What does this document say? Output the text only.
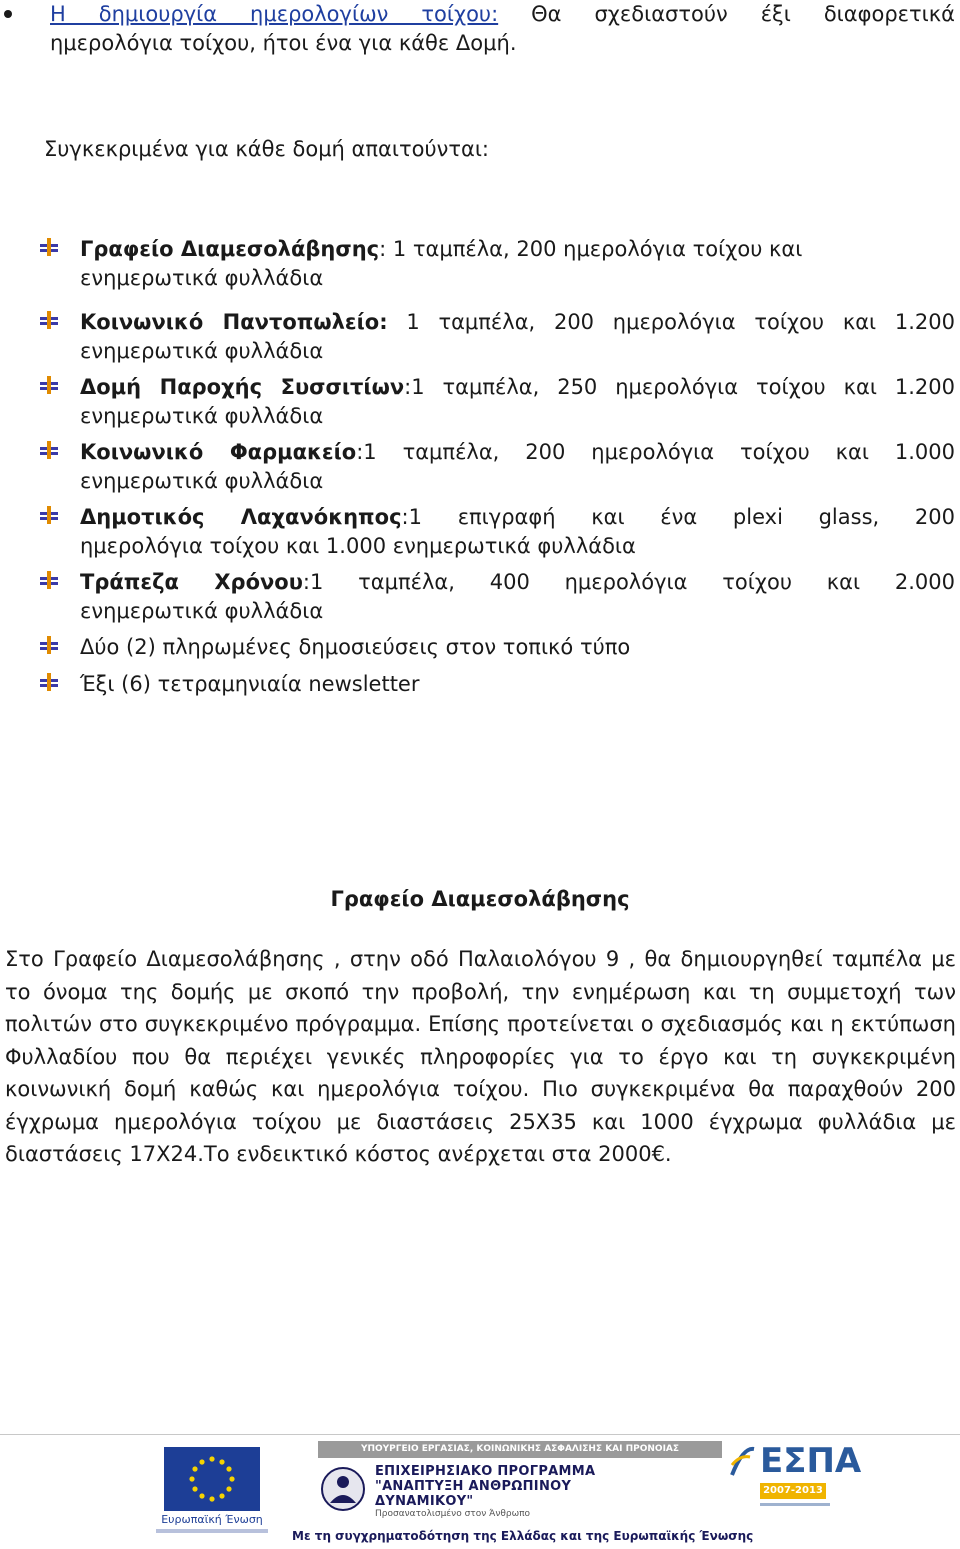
Η δημιουργία ημερολογίων τοίχου: Θα σχεδιαστούν έξι διαφορετικά
ημερολόγια τοίχου, ήτοι ένα για κάθε Δομή.
Συγκεκριμένα για κάθε δομή απαιτούνται:
Γραφείο Διαμεσολάβησης: 1 ταμπέλα, 200 ημερολόγια τοίχου και
ενημερωτικά φυλλάδια
Κοινωνικό Παντοπωλείο: 1 ταμπέλα, 200 ημερολόγια τοίχου και 1.200
ενημερωτικά φυλλάδια
Δομή Παροχής Συσσιτίων:1 ταμπέλα, 250 ημερολόγια τοίχου και 1.200
ενημερωτικά φυλλάδια
Κοινωνικό Φαρμακείο:1 ταμπέλα, 200 ημερολόγια τοίχου και 1.000
ενημερωτικά φυλλάδια
Δημοτικός Λαχανόκηπος:1 επιγραφή και ένα plexi glass, 200
ημερολόγια τοίχου και 1.000 ενημερωτικά φυλλάδια
Τράπεζα Χρόνου:1 ταμπέλα, 400 ημερολόγια τοίχου και 2.000
ενημερωτικά φυλλάδια
Δύο (2) πληρωμένες δημοσιεύσεις στον τοπικό τύπο
Έξι (6) τετραμηνιαία newsletter
Γραφείο Διαμεσολάβησης
Στο Γραφείο Διαμεσολάβησης , στην οδό Παλαιολόγου 9 , θα δημιουργηθεί ταμπέλα με το όνομα της δομής με σκοπό την προβολή, την ενημέρωση και τη συμμετοχή των πολιτών στο συγκεκριμένο πρόγραμμα. Επίσης προτείνεται ο σχεδιασμός και η εκτύπωση Φυλλαδίου που θα περιέχει γενικές πληροφορίες για το έργο και τη συγκεκριμένη κοινωνική δομή καθώς και ημερολόγια τοίχου. Πιο συγκεκριμένα θα παραχθούν 200 έγχρωμα ημερολόγια τοίχου με διαστάσεις 25Χ35 και 1000 έγχρωμα φυλλάδια με διαστάσεις 17Χ24.Το ενδεικτικό κόστος ανέρχεται στα 2000€.
Ευρωπαϊκή Ένωση
ΥΠΟΥΡΓΕΙΟ ΕΡΓΑΣΙΑΣ, ΚΟΙΝΩΝΙΚΗΣ ΑΣΦΑΛΙΣΗΣ ΚΑΙ ΠΡΟΝΟΙΑΣ
ΕΠΙΧΕΙΡΗΣΙΑΚΟ ΠΡΟΓΡΑΜΜΑ
"ΑΝΑΠΤΥΞΗ ΑΝΘΡΩΠΙΝΟΥ ΔΥΝΑΜΙΚΟΥ"
Προσανατολισμένο στον Άνθρωπο
ΕΣΠΑ
2007-2013
Με τη συγχρηματοδότηση της Ελλάδας και της Ευρωπαϊκής Ένωσης
